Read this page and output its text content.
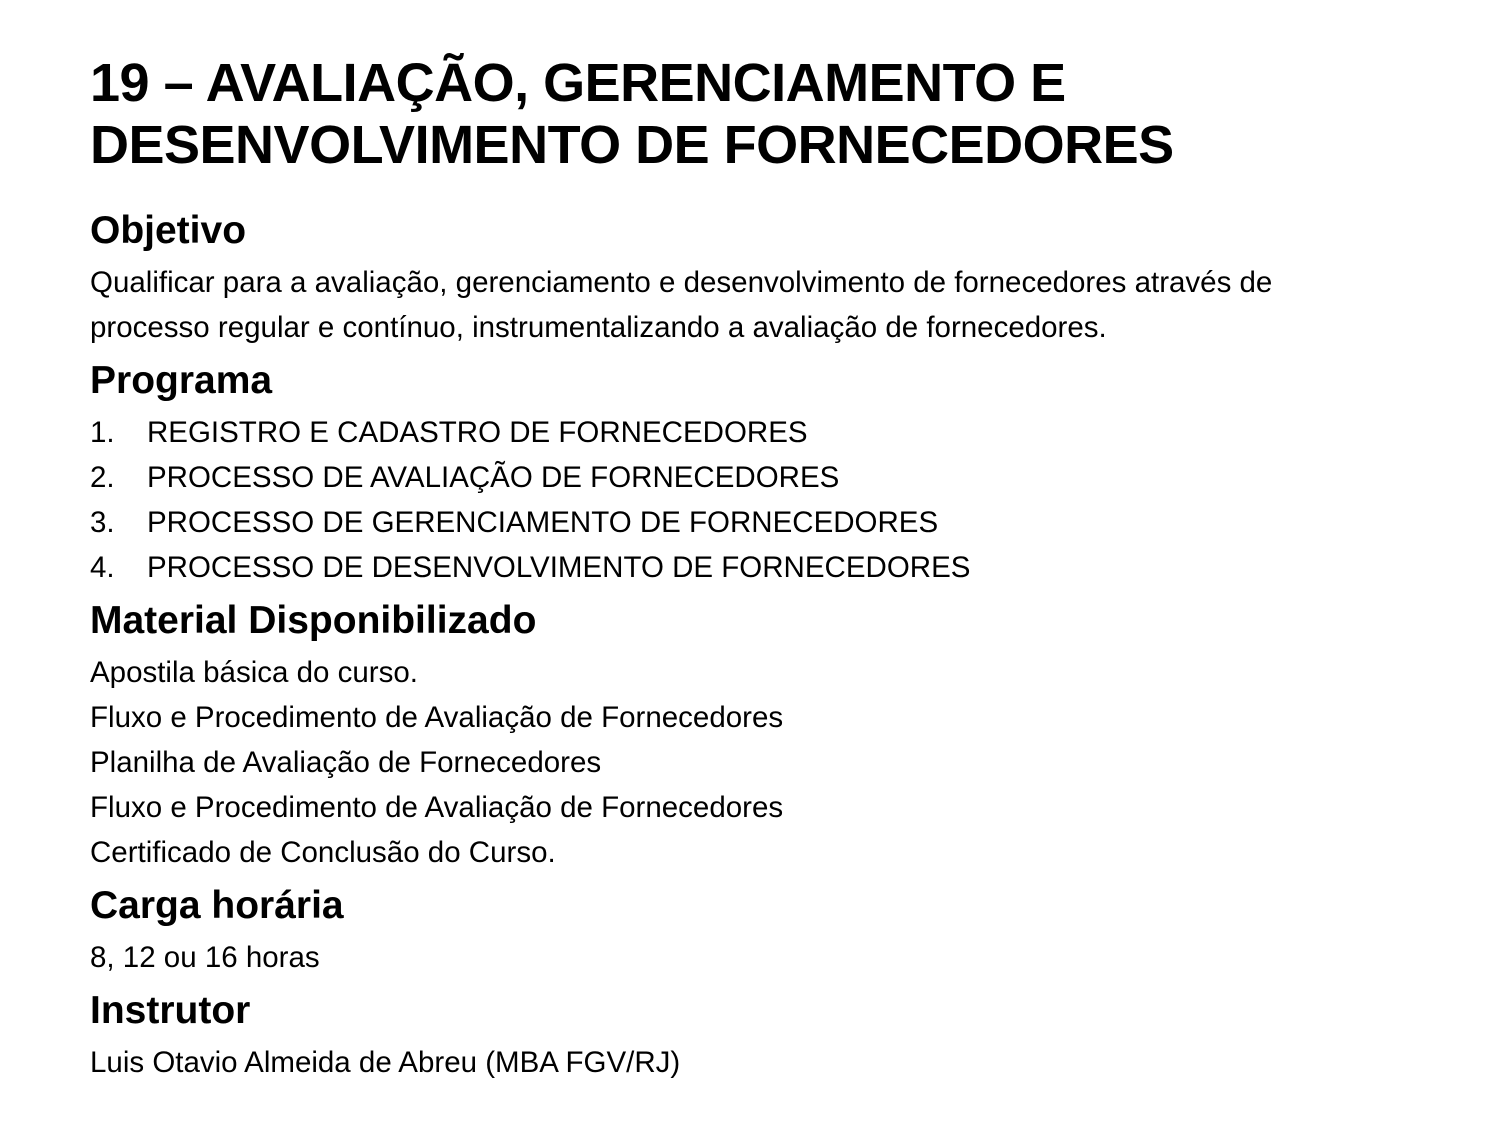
19 – AVALIAÇÃO, GERENCIAMENTO E
DESENVOLVIMENTO DE FORNECEDORES
Objetivo

Qualificar para a avaliação, gerenciamento e desenvolvimento de fornecedores através de

processo regular e contínuo, instrumentalizando a avaliação de fornecedores.

Programa
1. REGISTRO E CADASTRO DE FORNECEDORES
2. PROCESSO DE AVALIAÇÃO DE FORNECEDORES
3. PROCESSO DE GERENCIAMENTO DE FORNECEDORES
4. PROCESSO DE DESENVOLVIMENTO DE FORNECEDORES
Material Disponibilizado

Apostila básica do curso.

Fluxo e Procedimento de Avaliação de Fornecedores

Planilha de Avaliação de Fornecedores

Fluxo e Procedimento de Avaliação de Fornecedores

Certificado de Conclusão do Curso.

Carga horária

8, 12 ou 16 horas

Instrutor

Luis Otavio Almeida de Abreu (MBA FGV/RJ)
